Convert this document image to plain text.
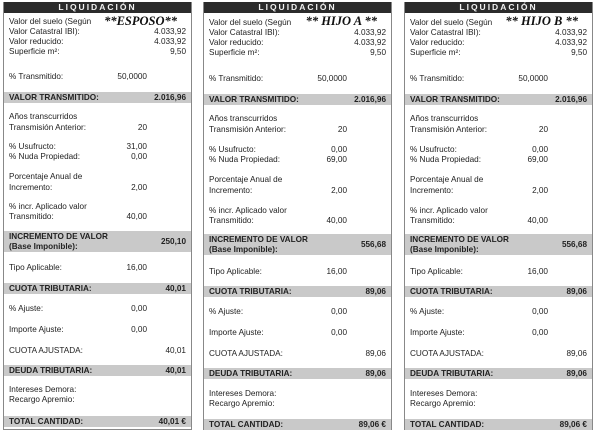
LIQUIDACIÓN
**ESPOSO**
Valor del suelo (Según
Valor Catastral IBI):	4.033,92
Valor reducido:	4.033,92
Superficie m²:	9,50
% Transmitido:	50,0000
VALOR TRANSMITIDO:	2.016,96
Años transcurridos
Transmisión Anterior:	20
% Usufructo:	31,00
% Nuda Propiedad:	0,00
Porcentaje Anual de
Incremento:	2,00
% incr. Aplicado valor
Transmitido:	40,00
INCREMENTO DE VALOR
(Base Imponible):
250,10
Tipo Aplicable:	16,00
CUOTA TRIBUTARIA:	40,01
% Ajuste:	0,00
Importe Ajuste:	0,00
CUOTA AJUSTADA:	40,01
DEUDA TRIBUTARIA:	40,01
Intereses Demora:
Recargo Apremio:
TOTAL CANTIDAD:	40,01 €
LIQUIDACIÓN
** HIJO A **
Valor del suelo (Según
Valor Catastral IBI):	4.033,92
Valor reducido:	4.033,92
Superficie m²:	9,50
% Transmitido:	50,0000
VALOR TRANSMITIDO:	2.016,96
Años transcurridos
Transmisión Anterior:	20
% Usufructo:	0,00
% Nuda Propiedad:	69,00
Porcentaje Anual de
Incremento:	2,00
% incr. Aplicado valor
Transmitido:	40,00
INCREMENTO DE VALOR
(Base Imponible):
556,68
Tipo Aplicable:	16,00
CUOTA TRIBUTARIA:	89,06
% Ajuste:	0,00
Importe Ajuste:	0,00
CUOTA AJUSTADA:	89,06
DEUDA TRIBUTARIA:	89,06
Intereses Demora:
Recargo Apremio:
TOTAL CANTIDAD:	89,06 €
LIQUIDACIÓN
** HIJO B **
Valor del suelo (Según
Valor Catastral IBI):	4.033,92
Valor reducido:	4.033,92
Superficie m²:	9,50
% Transmitido:	50,0000
VALOR TRANSMITIDO:	2.016,96
Años transcurridos
Transmisión Anterior:	20
% Usufructo:	0,00
% Nuda Propiedad:	69,00
Porcentaje Anual de
Incremento:	2,00
% incr. Aplicado valor
Transmitido:	40,00
INCREMENTO DE VALOR
(Base Imponible):
556,68
Tipo Aplicable:	16,00
CUOTA TRIBUTARIA:	89,06
% Ajuste:	0,00
Importe Ajuste:	0,00
CUOTA AJUSTADA:	89,06
DEUDA TRIBUTARIA:	89,06
Intereses Demora:
Recargo Apremio:
TOTAL CANTIDAD:	89,06 €
